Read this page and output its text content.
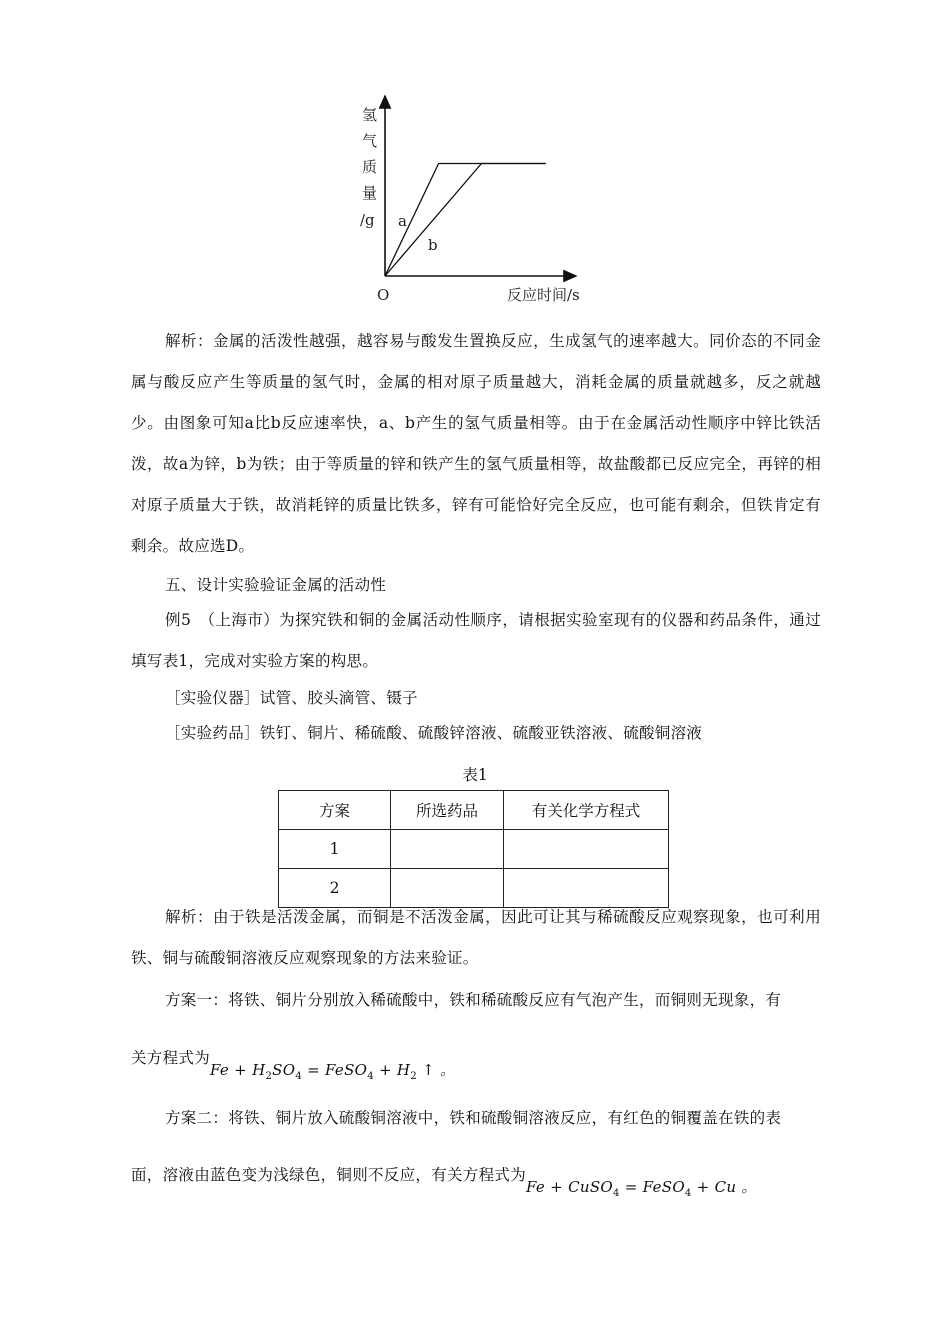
氢
气
质
量
/g a
b
O	反应时间/s

解析：金属的活泼性越强，越容易与酸发生置换反应，生成氢气的速率越大。同价态的不同金属与酸反应产生等质量的氢气时，金属的相对原子质量越大，消耗金属的质量就越多，反之就越少。由图象可知a比b反应速率快，a、b产生的氢气质量相等。由于在金属活动性顺序中锌比铁活泼，故a为锌，b为铁；由于等质量的锌和铁产生的氢气质量相等，故盐酸都已反应完全，再锌的相对原子质量大于铁，故消耗锌的质量比铁多，锌有可能恰好完全反应，也可能有剩余，但铁肯定有剩余。故应选D。

五、设计实验验证金属的活动性

例5　（上海市）为探究铁和铜的金属活动性顺序，请根据实验室现有的仪器和药品条件，通过填写表1，完成对实验方案的构思。

［实验仪器］试管、胶头滴管、镊子

［实验药品］铁钉、铜片、稀硫酸、硫酸锌溶液、硫酸亚铁溶液、硫酸铜溶液

表1
方案	所选药品	有关化学方程式
1		
2		

解析：由于铁是活泼金属，而铜是不活泼金属，因此可让其与稀硫酸反应观察现象，也可利用铁、铜与硫酸铜溶液反应观察现象的方法来验证。

方案一：将铁、铜片分别放入稀硫酸中，铁和稀硫酸反应有气泡产生，而铜则无现象，有

关方程式为$Fe + H_2SO_4$ = FeSO$_4$ + $H_2$ ↑ 。

方案二：将铁、铜片放入硫酸铜溶液中，铁和硫酸铜溶液反应，有红色的铜覆盖在铁的表

面，溶液由蓝色变为浅绿色，铜则不反应，有关方程式为Fe + CuSO$_4$ = FeSO$_4$ + Cu 。
